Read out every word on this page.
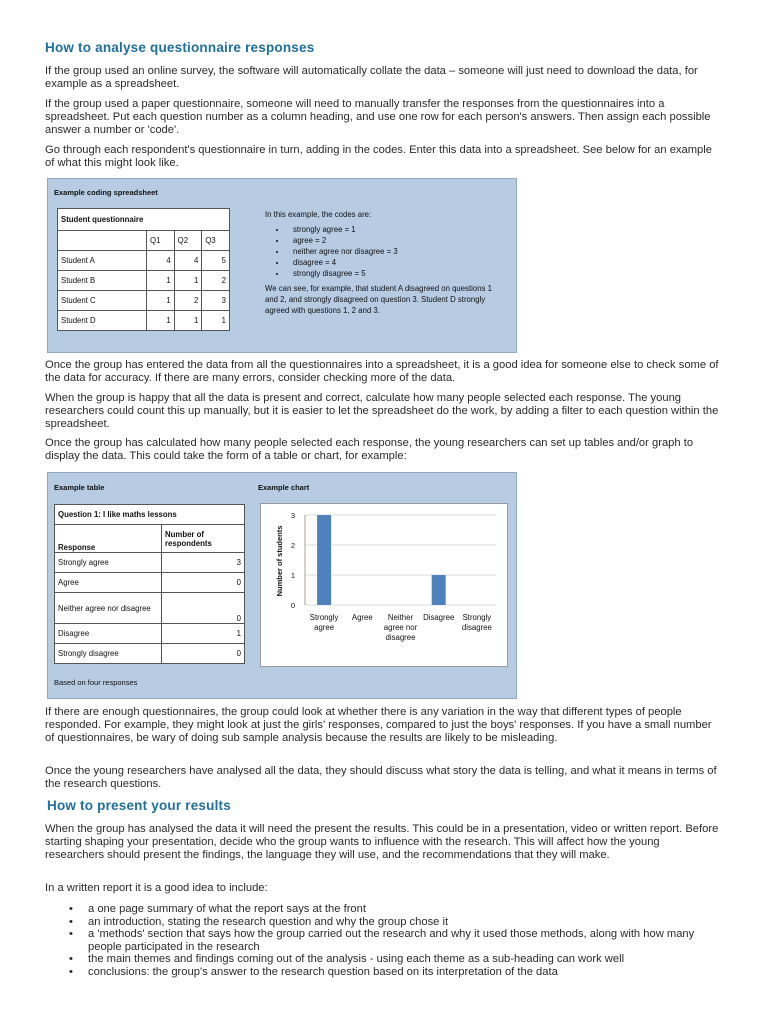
How to analyse questionnaire responses

If the group used an online survey, the software will automatically collate the data – someone will just need to download the data, for example as a spreadsheet.

If the group used a paper questionnaire, someone will need to manually transfer the responses from the questionnaires into a spreadsheet. Put each question number as a column heading, and use one row for each person's answers. Then assign each possible answer a number or 'code'.

Go through each respondent's questionnaire in turn, adding in the codes. Enter this data into a spreadsheet. See below for an example of what this might look like.

Example coding spreadsheet
Student questionnaire			
	Q1	Q2	Q3
Student A	4	4	5
Student B	1	1	2
Student C	1	2	3
Student D	1	1	1
In this example, the codes are:
• strongly agree = 1
• agree = 2
• neither agree nor disagree = 3
• disagree = 4
• strongly disagree = 5
We can see, for example, that student A disagreed on questions 1 and 2, and strongly disagreed on question 3. Student D strongly agreed with questions 1, 2 and 3.

Once the group has entered the data from all the questionnaires into a spreadsheet, it is a good idea for someone else to check some of the data for accuracy. If there are many errors, consider checking more of the data.

When the group is happy that all the data is present and correct, calculate how many people selected each response. The young researchers could count this up manually, but it is easier to let the spreadsheet do the work, by adding a filter to each question within the spreadsheet.

Once the group has calculated how many people selected each response, the young researchers can set up tables and/or graph to display the data. This could take the form of a table or chart, for example:

Example table	Example chart
Question 1: I like maths lessons	
Response	Number of respondents
Strongly agree	3
Agree	0
Neither agree nor disagree	0
Disagree	1
Strongly disagree	0
Based on four responses
Number of students
0
1
2
3

If there are enough questionnaires, the group could look at whether there is any variation in the way that different types of people responded. For example, they might look at just the girls' responses, compared to just the boys' responses. If you have a small number of questionnaires, be wary of doing sub sample analysis because the results are likely to be misleading.

Once the young researchers have analysed all the data, they should discuss what story the data is telling, and what it means in terms of the research questions.

How to present your results

When the group has analysed the data it will need the present the results. This could be in a presentation, video or written report. Before starting shaping your presentation, decide who the group wants to influence with the research. This will affect how the young researchers should present the findings, the language they will use, and the recommendations that they will make.

In a written report it is a good idea to include:

• a one page summary of what the report says at the front
• an introduction, stating the research question and why the group chose it
• a 'methods' section that says how the group carried out the research and why it used those methods, along with how many people participated in the research
• the main themes and findings coming out of the analysis - using each theme as a sub-heading can work well
• conclusions: the group's answer to the research question based on its interpretation of the data
Strongly agree
Agree	Neither agree nor disagree
Disagree	Strongly disagree
